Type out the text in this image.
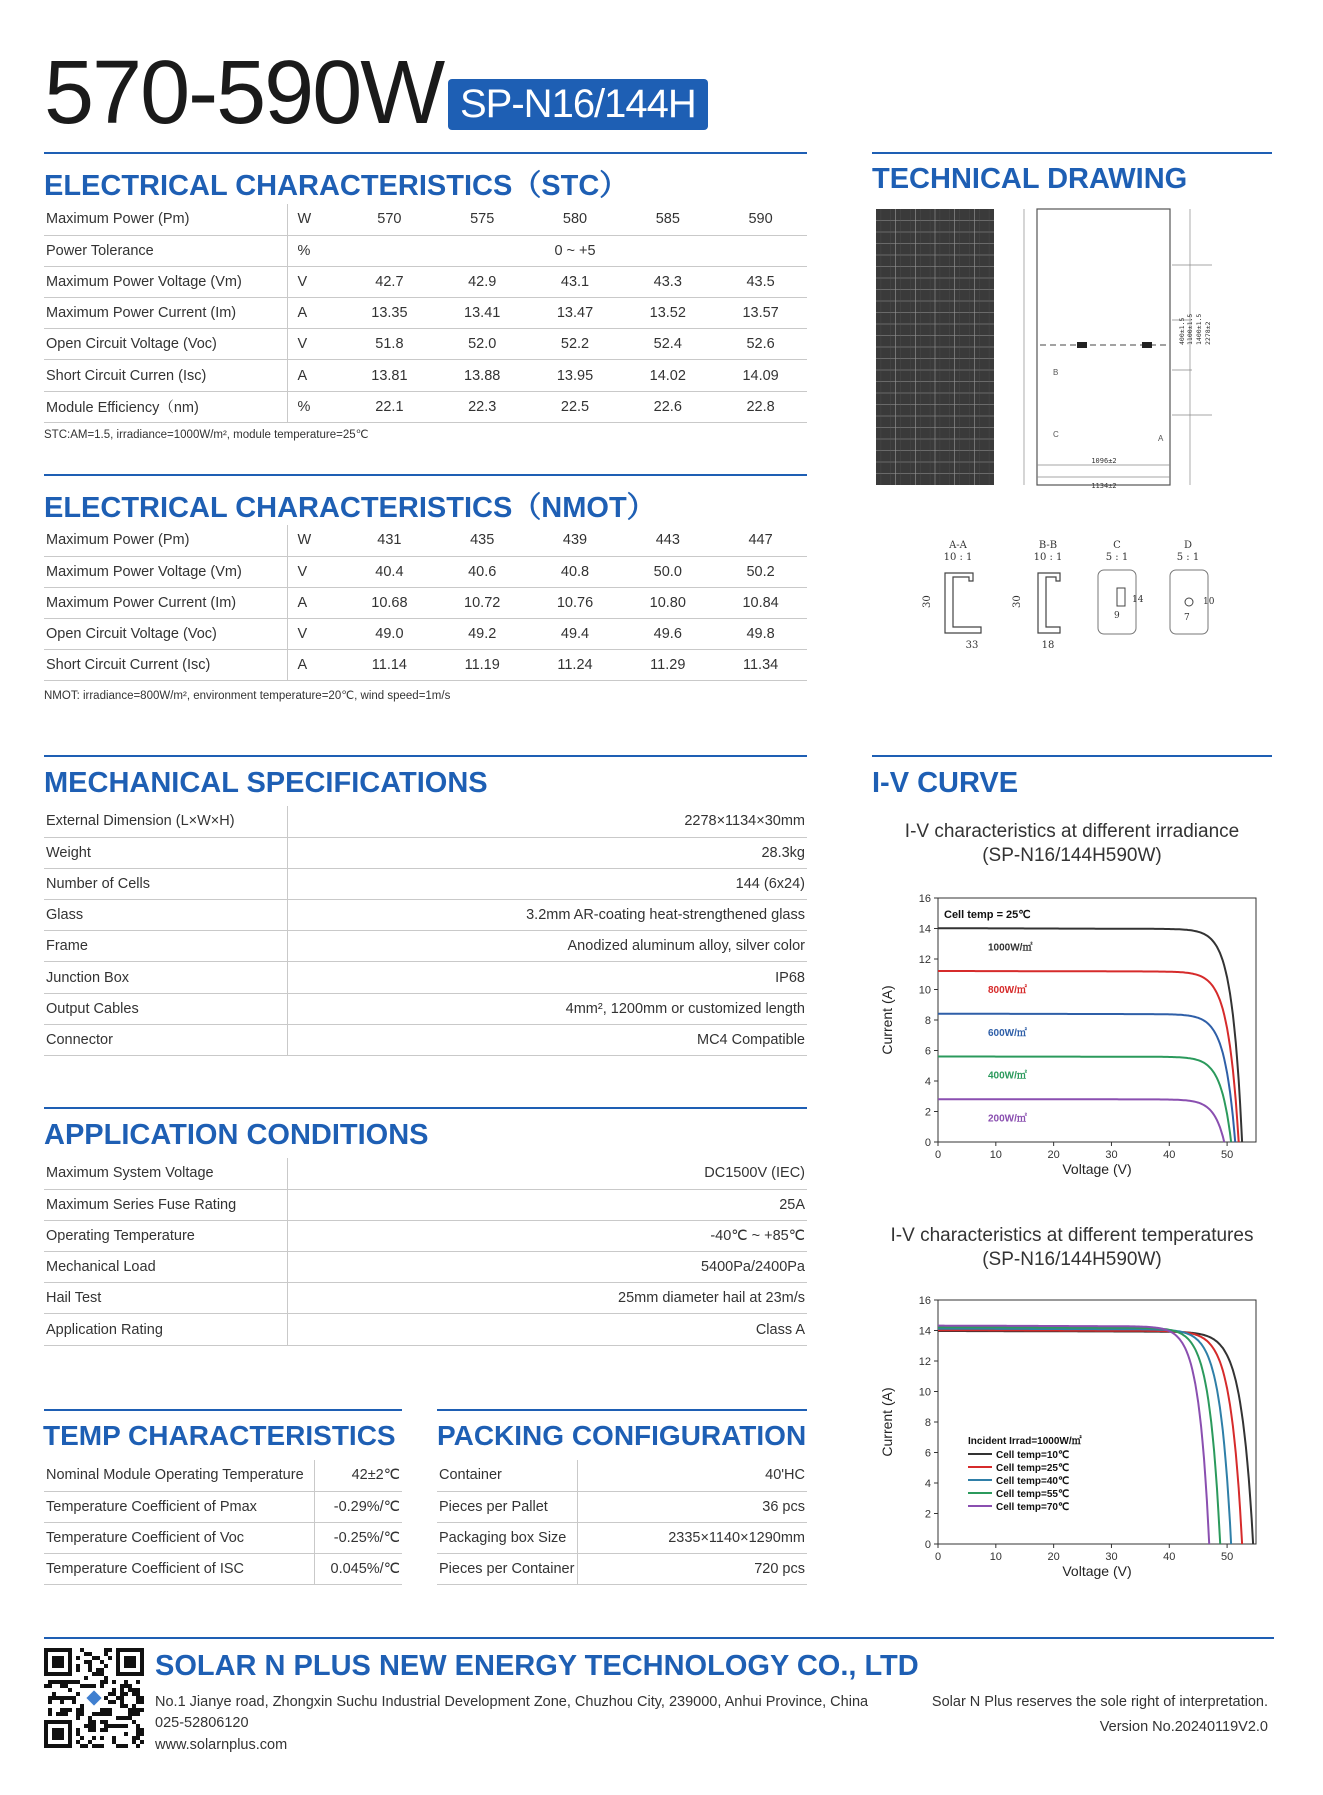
570-590W SP-N16/144H
ELECTRICAL CHARACTERISTICS（STC）
Maximum Power (Pm)	W	570	575	580	585	590
Power Tolerance	%	0 ~ +5				
Maximum Power Voltage (Vm)	V	42.7	42.9	43.1	43.3	43.5
Maximum Power Current (Im)	A	13.35	13.41	13.47	13.52	13.57
Open Circuit Voltage (Voc)	V	51.8	52.0	52.2	52.4	52.6
Short Circuit Curren (Isc)	A	13.81	13.88	13.95	14.02	14.09
Module Efficiency（nm)	%	22.1	22.3	22.5	22.6	22.8
STC:AM=1.5, irradiance=1000W/m², module temperature=25℃
ELECTRICAL CHARACTERISTICS（NMOT）
Maximum Power (Pm)	W	431	435	439	443	447
Maximum Power Voltage (Vm)	V	40.4	40.6	40.8	50.0	50.2
Maximum Power Current (Im)	A	10.68	10.72	10.76	10.80	10.84
Open Circuit Voltage (Voc)	V	49.0	49.2	49.4	49.6	49.8
Short Circuit Current (Isc)	A	11.14	11.19	11.24	11.29	11.34
NMOT: irradiance=800W/m², environment temperature=20℃, wind speed=1m/s
MECHANICAL SPECIFICATIONS
External Dimension (L×W×H)	2278×1134×30mm
Weight	28.3kg
Number of Cells	144 (6x24)
Glass	3.2mm AR-coating heat-strengthened glass
Frame	Anodized aluminum alloy, silver color
Junction Box	IP68
Output Cables	4mm², 1200mm or customized length
Connector	MC4 Compatible
APPLICATION CONDITIONS
Maximum System Voltage	DC1500V (IEC)
Maximum Series Fuse Rating	25A
Operating Temperature	-40℃ ~ +85℃
Mechanical Load	5400Pa/2400Pa
Hail Test	25mm diameter hail at 23m/s
Application Rating	Class A
TEMP CHARACTERISTICS
Nominal Module Operating Temperature	42±2℃
Temperature Coefficient of Pmax	-0.29%/℃
Temperature Coefficient of Voc	-0.25%/℃
Temperature Coefficient of ISC	0.045%/℃
PACKING CONFIGURATION
Container	40'HC
Pieces per Pallet	36 pcs
Packaging box Size	2335×1140×1290mm
Pieces per Container	720 pcs
TECHNICAL DRAWING
B
C	A
1096±2
1134±2
400±1.5 1100±1.5 1400±1.5 2278±2
A-A
10 : 1
30
33
B-B
10 : 1
30
18
C
5 : 1
14
9
D
5 : 1
10
7
I-V CURVE
I-V characteristics at different irradiance
(SP-N16/144H590W)
0	10	20	30	40	50
0
2
4
6
8
10
12
14
16
Voltage (V)
Current (A)
Cell temp = 25℃
1000W/㎡
800W/㎡
600W/㎡
400W/㎡
200W/㎡
I-V characteristics at different temperatures
(SP-N16/144H590W)
0	10	20	30	40	50
0
2
4
6
8
10
12
14
16
Voltage (V)
Current (A)	Incident Irrad=1000W/㎡
Cell temp=10℃
Cell temp=25℃
Cell temp=40℃
Cell temp=55℃
Cell temp=70℃
SOLAR N PLUS NEW ENERGY TECHNOLOGY CO., LTD
No.1 Jianye road, Zhongxin Suchu Industrial Development Zone, Chuzhou City, 239000, Anhui Province, China
025-52806120
www.solarnplus.com
Solar N Plus reserves the sole right of interpretation.
Version No.20240119V2.0
